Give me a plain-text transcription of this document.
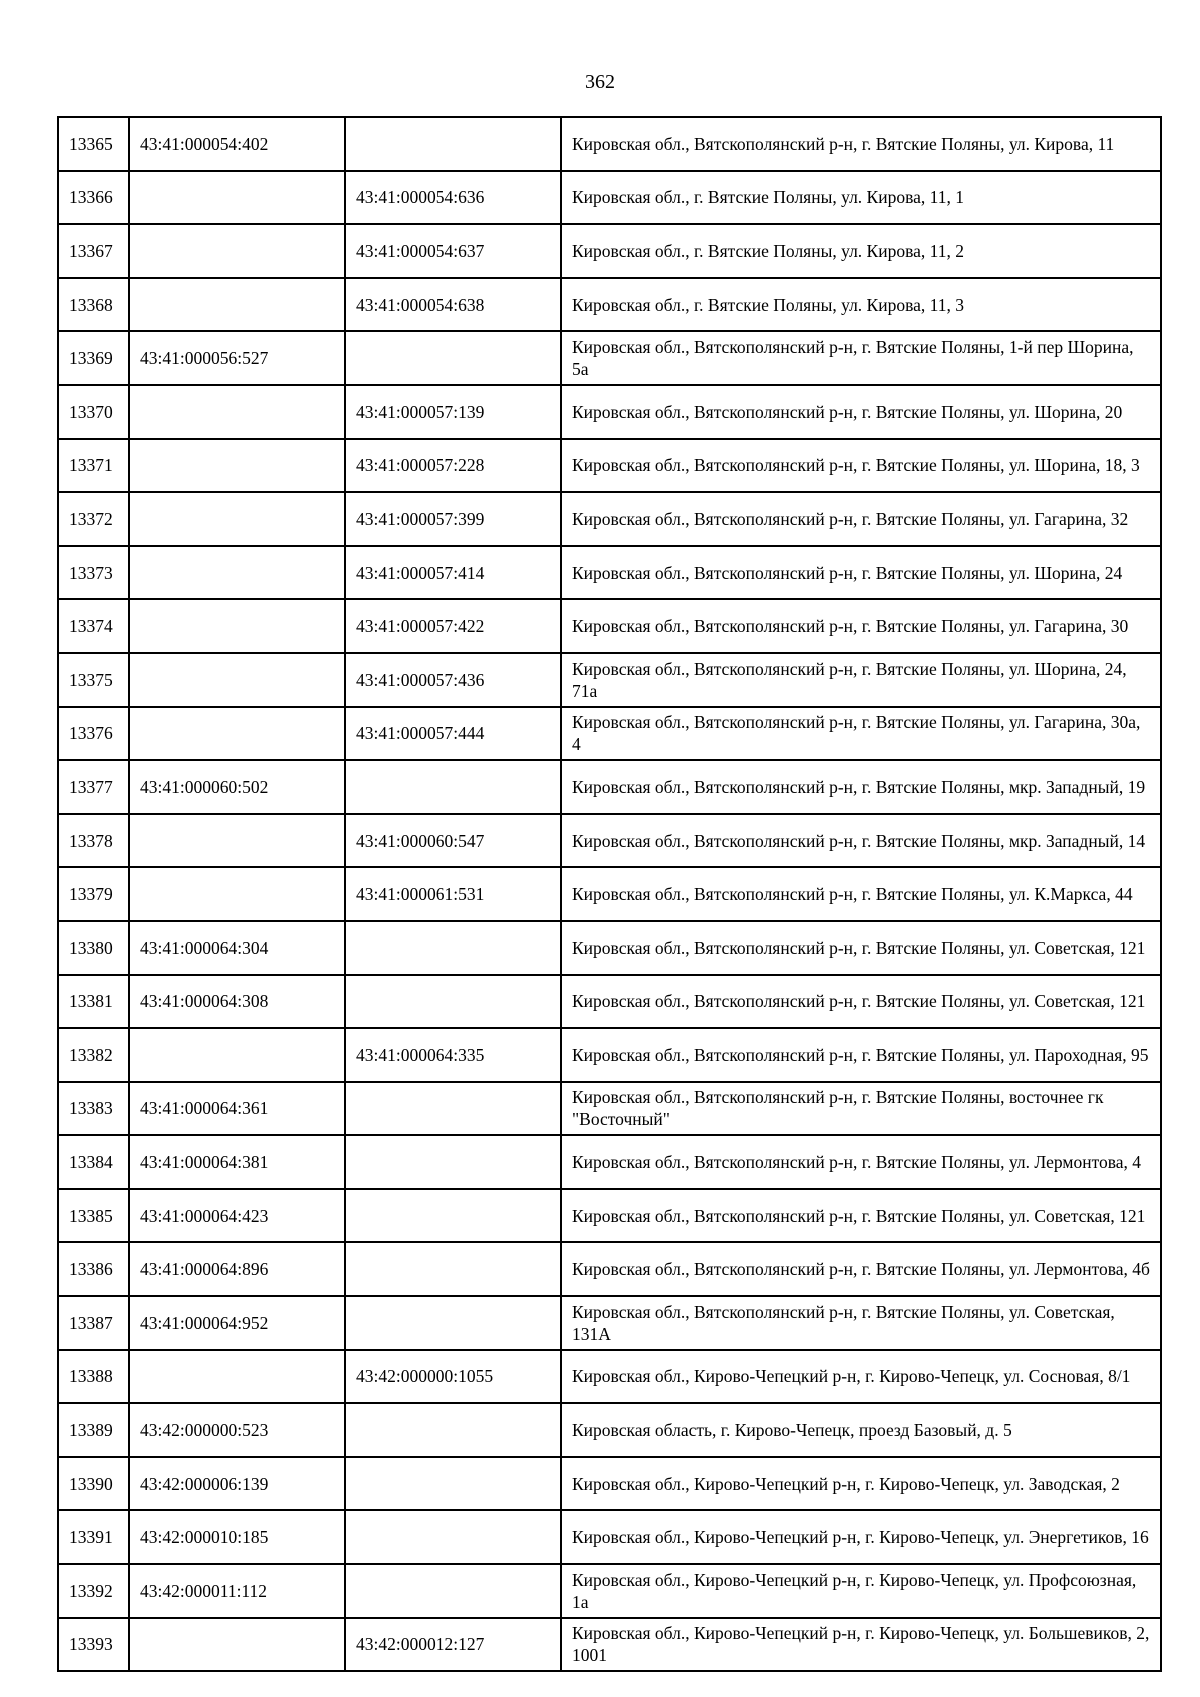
362
13365	43:41:000054:402		Кировская обл., Вятскополянский р-н, г. Вятские Поляны, ул. Кирова, 11
13366		43:41:000054:636	Кировская обл., г. Вятские Поляны, ул. Кирова, 11, 1
13367		43:41:000054:637	Кировская обл., г. Вятские Поляны, ул. Кирова, 11, 2
13368		43:41:000054:638	Кировская обл., г. Вятские Поляны, ул. Кирова, 11, 3
13369	43:41:000056:527		Кировская обл., Вятскополянский р-н, г. Вятские Поляны, 1-й пер Шорина, 5а
13370		43:41:000057:139	Кировская обл., Вятскополянский р-н, г. Вятские Поляны, ул. Шорина, 20
13371		43:41:000057:228	Кировская обл., Вятскополянский р-н, г. Вятские Поляны, ул. Шорина, 18, 3
13372		43:41:000057:399	Кировская обл., Вятскополянский р-н, г. Вятские Поляны, ул. Гагарина, 32
13373		43:41:000057:414	Кировская обл., Вятскополянский р-н, г. Вятские Поляны, ул. Шорина, 24
13374		43:41:000057:422	Кировская обл., Вятскополянский р-н, г. Вятские Поляны, ул. Гагарина, 30
13375		43:41:000057:436	Кировская обл., Вятскополянский р-н, г. Вятские Поляны, ул. Шорина, 24, 71а
13376		43:41:000057:444	Кировская обл., Вятскополянский р-н, г. Вятские Поляны, ул. Гагарина, 30а, 4
13377	43:41:000060:502		Кировская обл., Вятскополянский р-н, г. Вятские Поляны, мкр. Западный, 19
13378		43:41:000060:547	Кировская обл., Вятскополянский р-н, г. Вятские Поляны, мкр. Западный, 14
13379		43:41:000061:531	Кировская обл., Вятскополянский р-н, г. Вятские Поляны, ул. К.Маркса, 44
13380	43:41:000064:304		Кировская обл., Вятскополянский р-н, г. Вятские Поляны, ул. Советская, 121
13381	43:41:000064:308		Кировская обл., Вятскополянский р-н, г. Вятские Поляны, ул. Советская, 121
13382		43:41:000064:335	Кировская обл., Вятскополянский р-н, г. Вятские Поляны, ул. Пароходная, 95
13383	43:41:000064:361		Кировская обл., Вятскополянский р-н, г. Вятские Поляны, восточнее гк "Восточный"
13384	43:41:000064:381		Кировская обл., Вятскополянский р-н, г. Вятские Поляны, ул. Лермонтова, 4
13385	43:41:000064:423		Кировская обл., Вятскополянский р-н, г. Вятские Поляны, ул. Советская, 121
13386	43:41:000064:896		Кировская обл., Вятскополянский р-н, г. Вятские Поляны, ул. Лермонтова, 4б
13387	43:41:000064:952		Кировская обл., Вятскополянский р-н, г. Вятские Поляны, ул. Советская, 131А
13388		43:42:000000:1055	Кировская обл., Кирово-Чепецкий р-н, г. Кирово-Чепецк, ул. Сосновая, 8/1
13389	43:42:000000:523		Кировская область, г. Кирово-Чепецк, проезд Базовый, д. 5
13390	43:42:000006:139		Кировская обл., Кирово-Чепецкий р-н, г. Кирово-Чепецк, ул. Заводская, 2
13391	43:42:000010:185		Кировская обл., Кирово-Чепецкий р-н, г. Кирово-Чепецк, ул. Энергетиков, 16
13392	43:42:000011:112		Кировская обл., Кирово-Чепецкий р-н, г. Кирово-Чепецк, ул. Профсоюзная, 1а
13393		43:42:000012:127	Кировская обл., Кирово-Чепецкий р-н, г. Кирово-Чепецк, ул. Большевиков, 2, 1001
